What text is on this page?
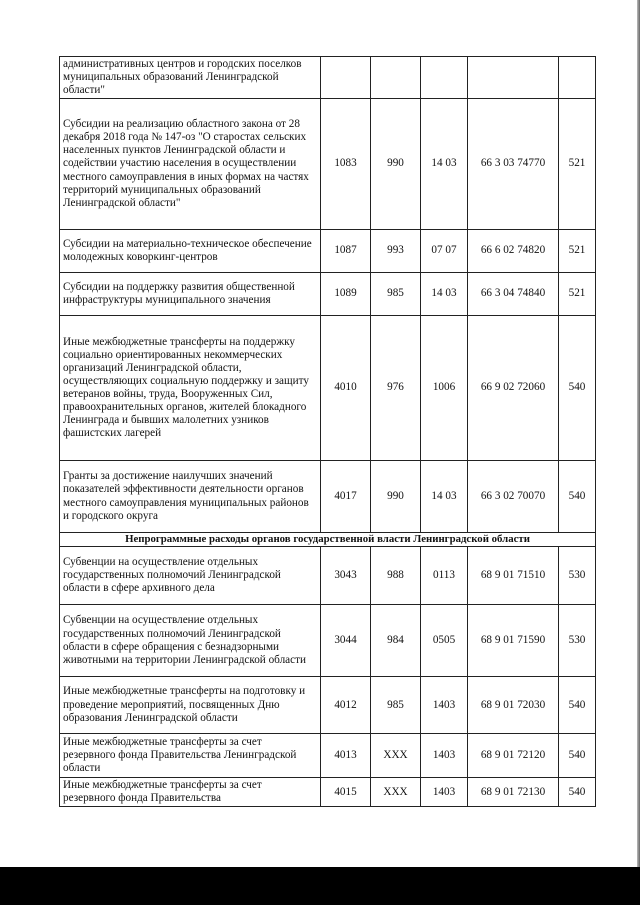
административных центров и городских поселков муниципальных образований Ленинградской области"					
Субсидии на реализацию областного закона от 28 декабря 2018 года № 147-оз "О старостах сельских населенных пунктов Ленинградской области и содействии участию населения в осуществлении местного самоуправления в иных формах на частях территорий муниципальных образований Ленинградской области"	1083	990	14 03	66 3 03 74770	521
Субсидии на материально-техническое обеспечение молодежных коворкинг-центров	1087	993	07 07	66 6 02 74820	521
Субсидии на поддержку развития общественной инфраструктуры муниципального значения	1089	985	14 03	66 3 04 74840	521
Иные межбюджетные трансферты на поддержку социально ориентированных некоммерческих организаций Ленинградской области, осуществляющих социальную поддержку и защиту ветеранов войны, труда, Вооруженных Сил, правоохранительных органов, жителей блокадного Ленинграда и бывших малолетних узников фашистских лагерей	4010	976	1006	66 9 02 72060	540
Гранты за достижение наилучших значений показателей эффективности деятельности органов местного самоуправления муниципальных районов и городского округа	4017	990	14 03	66 3 02 70070	540
Непрограммные расходы органов государственной власти Ленинградской области					
Субвенции на осуществление отдельных государственных полномочий Ленинградской области в сфере архивного дела	3043	988	0113	68 9 01 71510	530
Субвенции на осуществление отдельных государственных полномочий Ленинградской области в сфере обращения с безнадзорными животными на территории Ленинградской области	3044	984	0505	68 9 01 71590	530
Иные межбюджетные трансферты на подготовку и проведение мероприятий, посвященных Дню образования Ленинградской области	4012	985	1403	68 9 01 72030	540
Иные межбюджетные трансферты за счет резервного фонда Правительства Ленинградской области	4013	XXX	1403	68 9 01 72120	540
Иные межбюджетные трансферты за счет резервного фонда Правительства	4015	XXX	1403	68 9 01 72130	540
